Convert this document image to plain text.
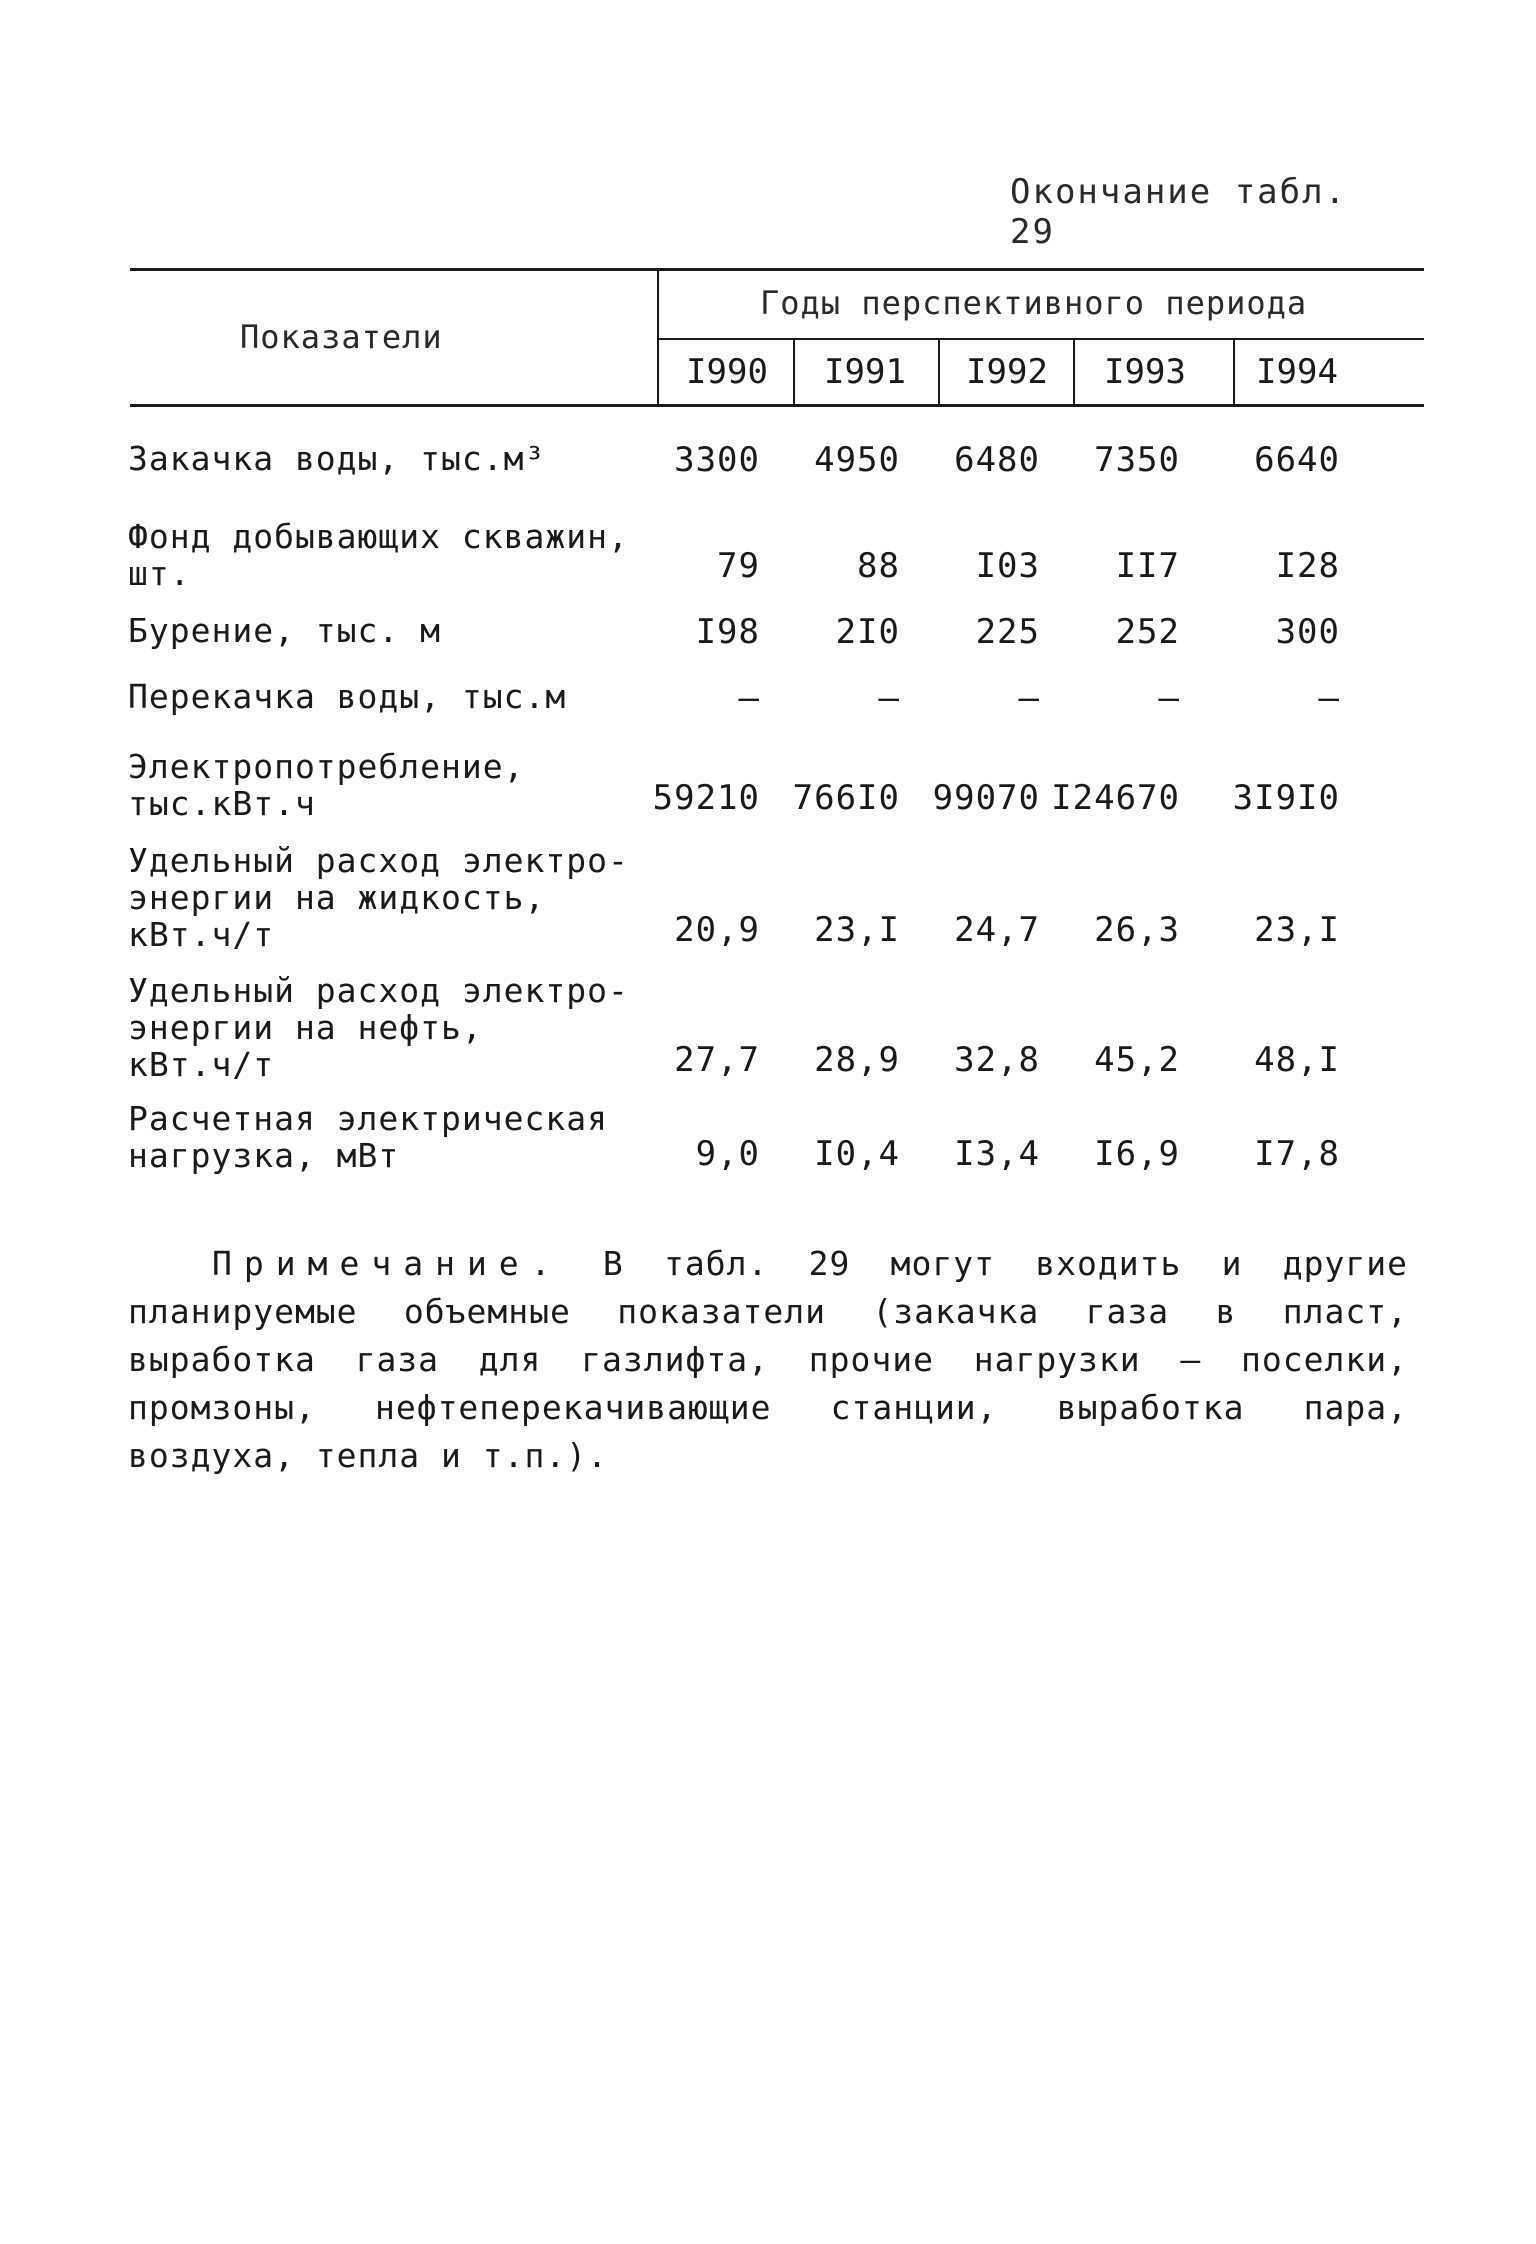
Окончание табл. 29
Показатели
Годы перспективного периода
I990	I991	I992	I993	I994
Закачка воды, тыс.м³	3300	4950	6480	7350	6640
Фонд добывающих скважин,
шт.	79	88	I03	II7	I28
Бурение, тыс. м	I98	2I0	225	252	300
Перекачка воды, тыс.м	–	–	–	–	–
Электропотребление,
тыс.кВт.ч	59210 766I0 99070 I24670	3I9I0
Удельный расход электро-
энергии на жидкость,
кВт.ч/т	20,9	23,I	24,7	26,3	23,I
Удельный расход электро-
энергии на нефть,
кВт.ч/т	27,7	28,9	32,8	45,2	48,I
Расчетная электрическая
нагрузка, мВт	9,0	I0,4	I3,4	I6,9	I7,8
Примечание. В табл. 29 могут входить и другие планируемые объемные показатели (закачка газа в пласт, выработка газа для газлифта, прочие нагрузки – поселки, промзоны, нефтеперекачивающие станции, выработка пара, воздуха, тепла и т.п.).
